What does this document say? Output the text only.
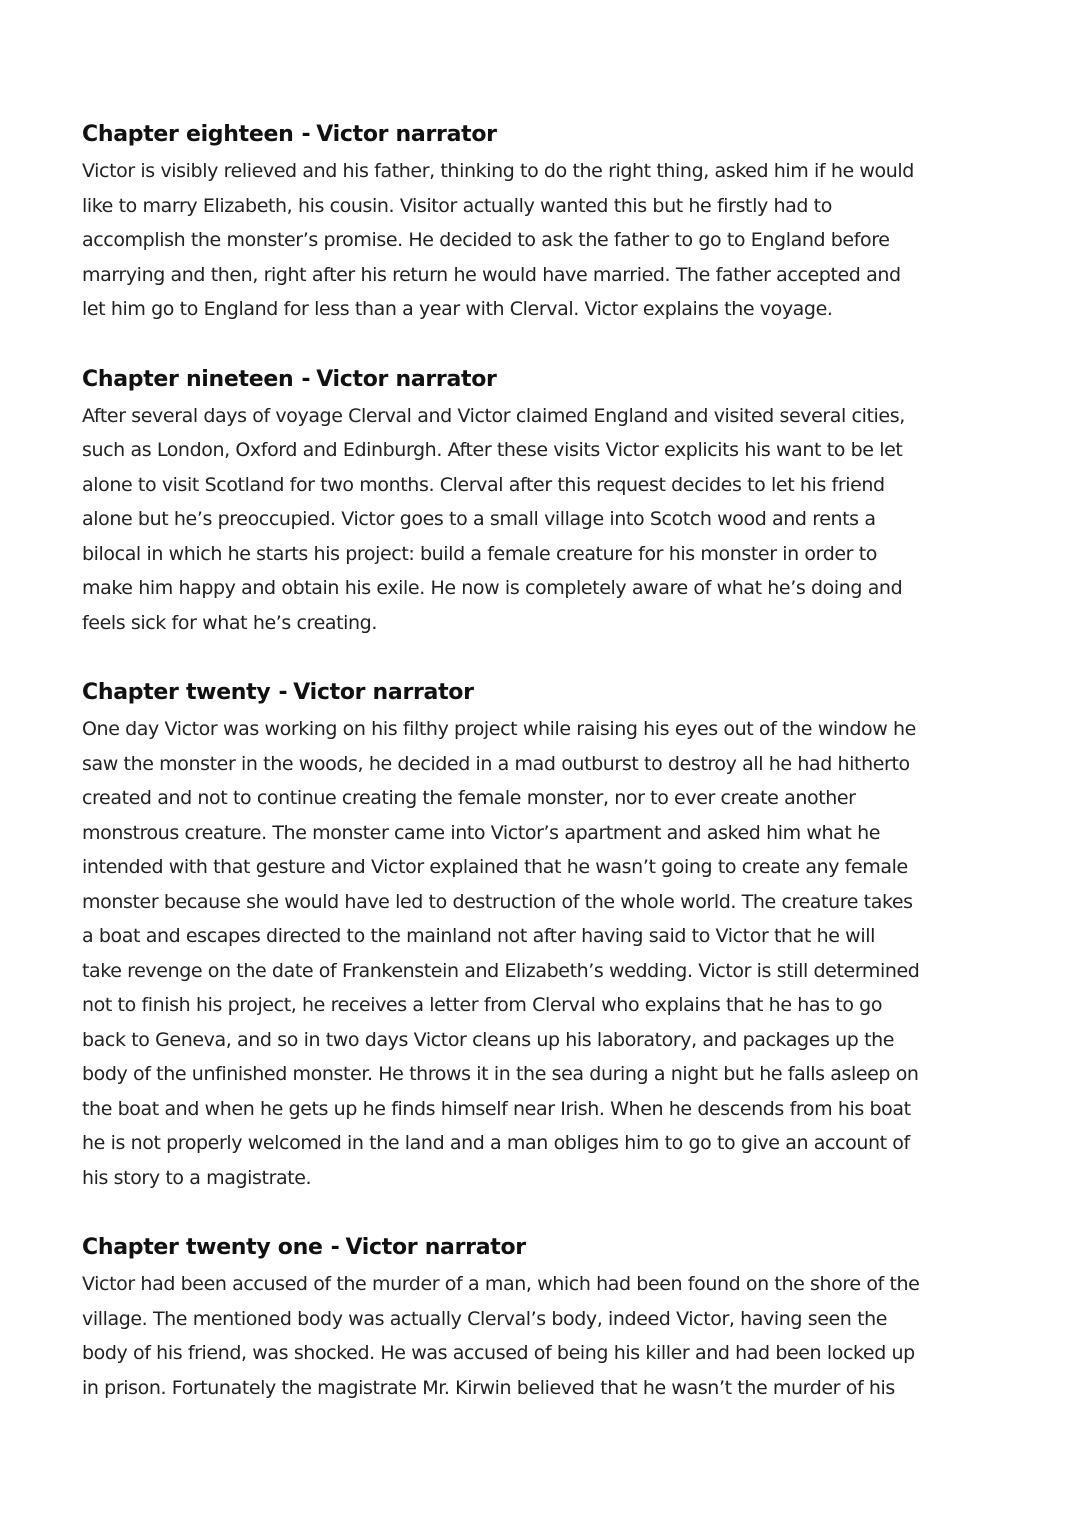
Chapter eighteen - Victor narrator

Victor is visibly relieved and his father, thinking to do the right thing, asked him if he would
like to marry Elizabeth, his cousin. Visitor actually wanted this but he firstly had to
accomplish the monster’s promise. He decided to ask the father to go to England before
marrying and then, right after his return he would have married. The father accepted and
let him go to England for less than a year with Clerval. Victor explains the voyage.

Chapter nineteen - Victor narrator

After several days of voyage Clerval and Victor claimed England and visited several cities,
such as London, Oxford and Edinburgh. After these visits Victor explicits his want to be let
alone to visit Scotland for two months. Clerval after this request decides to let his friend
alone but he’s preoccupied. Victor goes to a small village into Scotch wood and rents a
bilocal in which he starts his project: build a female creature for his monster in order to
make him happy and obtain his exile. He now is completely aware of what he’s doing and
feels sick for what he’s creating.

Chapter twenty - Victor narrator

One day Victor was working on his filthy project while raising his eyes out of the window he
saw the monster in the woods, he decided in a mad outburst to destroy all he had hitherto
created and not to continue creating the female monster, nor to ever create another
monstrous creature. The monster came into Victor’s apartment and asked him what he
intended with that gesture and Victor explained that he wasn’t going to create any female
monster because she would have led to destruction of the whole world. The creature takes
a boat and escapes directed to the mainland not after having said to Victor that he will
take revenge on the date of Frankenstein and Elizabeth’s wedding. Victor is still determined
not to finish his project, he receives a letter from Clerval who explains that he has to go
back to Geneva, and so in two days Victor cleans up his laboratory, and packages up the
body of the unfinished monster. He throws it in the sea during a night but he falls asleep on
the boat and when he gets up he finds himself near Irish. When he descends from his boat
he is not properly welcomed in the land and a man obliges him to go to give an account of
his story to a magistrate.

Chapter twenty one - Victor narrator

Victor had been accused of the murder of a man, which had been found on the shore of the
village. The mentioned body was actually Clerval’s body, indeed Victor, having seen the
body of his friend, was shocked. He was accused of being his killer and had been locked up
in prison. Fortunately the magistrate Mr. Kirwin believed that he wasn’t the murder of his
